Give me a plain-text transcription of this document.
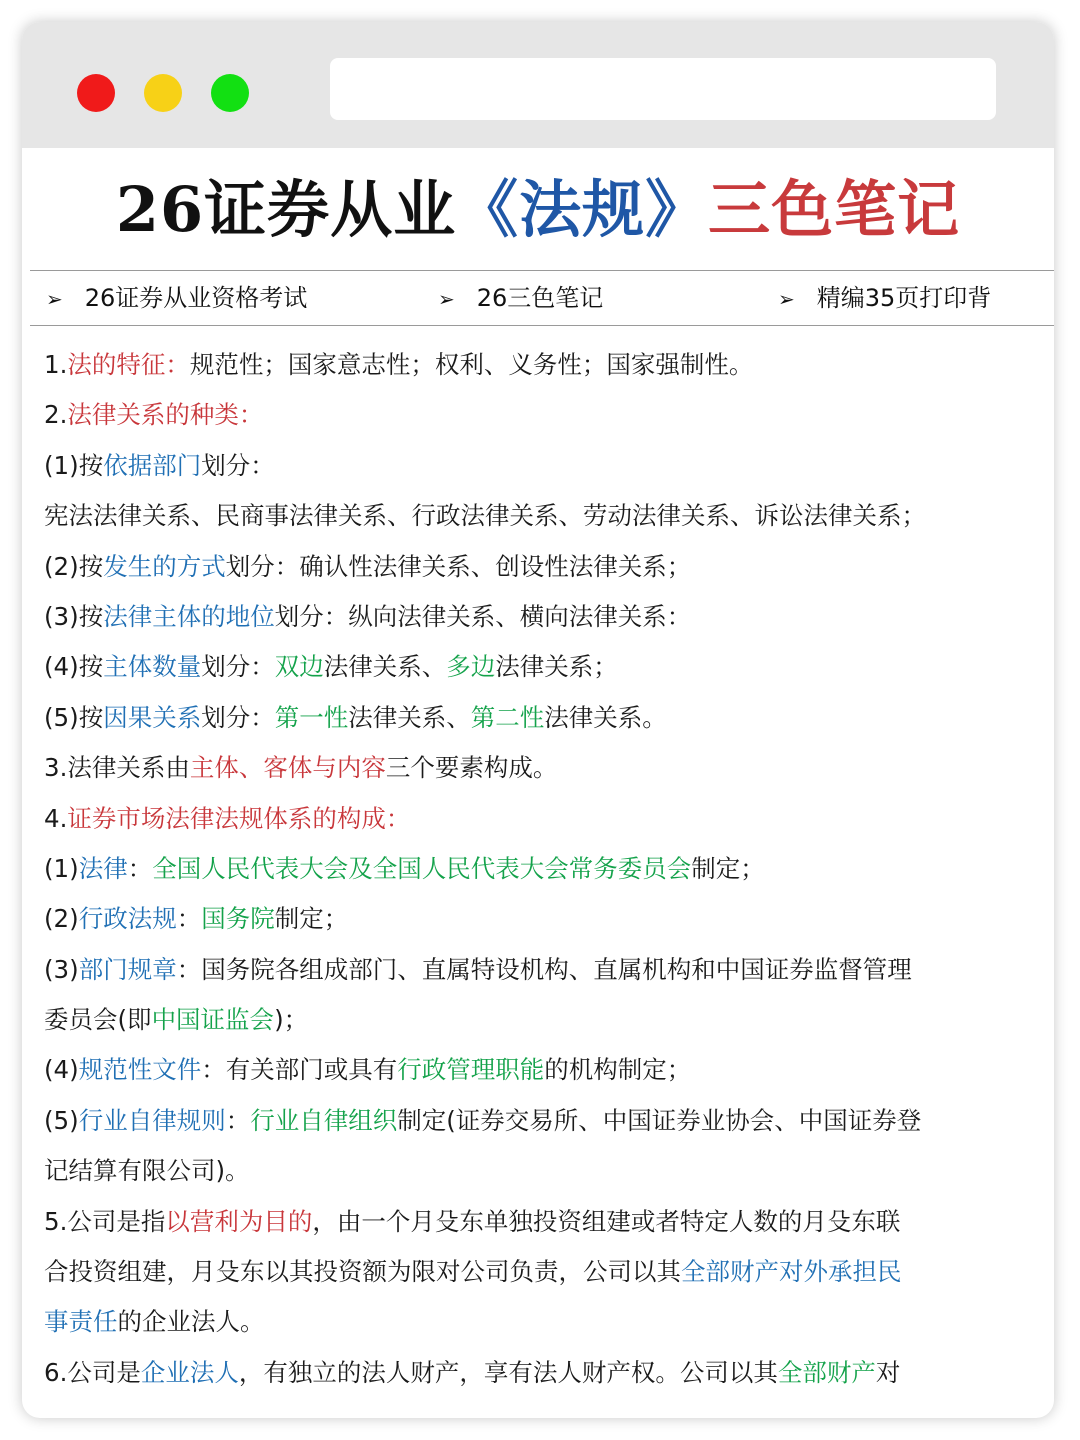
26证券从业《法规》三色笔记
➢ 26证券从业资格考试	➢ 26三色笔记	➢ 精编35页打印背
1.法的特征：规范性；国家意志性；权利、义务性；国家强制性。
2.法律关系的种类：
(1)按依据部门划分：
宪法法律关系、民商事法律关系、行政法律关系、劳动法律关系、诉讼法律关系；
(2)按发生的方式划分：确认性法律关系、创设性法律关系；
(3)按法律主体的地位划分：纵向法律关系、横向法律关系：
(4)按主体数量划分：双边法律关系、多边法律关系；
(5)按因果关系划分：第一性法律关系、第二性法律关系。
3.法律关系由主体、客体与内容三个要素构成。
4.证券市场法律法规体系的构成：
(1)法律：全国人民代表大会及全国人民代表大会常务委员会制定；
(2)行政法规：国务院制定；
(3)部门规章：国务院各组成部门、直属特设机构、直属机构和中国证券监督管理
委员会(即中国证监会)；
(4)规范性文件：有关部门或具有行政管理职能的机构制定；
(5)行业自律规则：行业自律组织制定(证券交易所、中国证券业协会、中国证券登
记结算有限公司)。
5.公司是指以营利为目的，由一个月殳东单独投资组建或者特定人数的月殳东联
合投资组建，月殳东以其投资额为限对公司负责，公司以其全部财产对外承担民
事责任的企业法人。
6.公司是企业法人，有独立的法人财产，享有法人财产权。公司以其全部财产对
